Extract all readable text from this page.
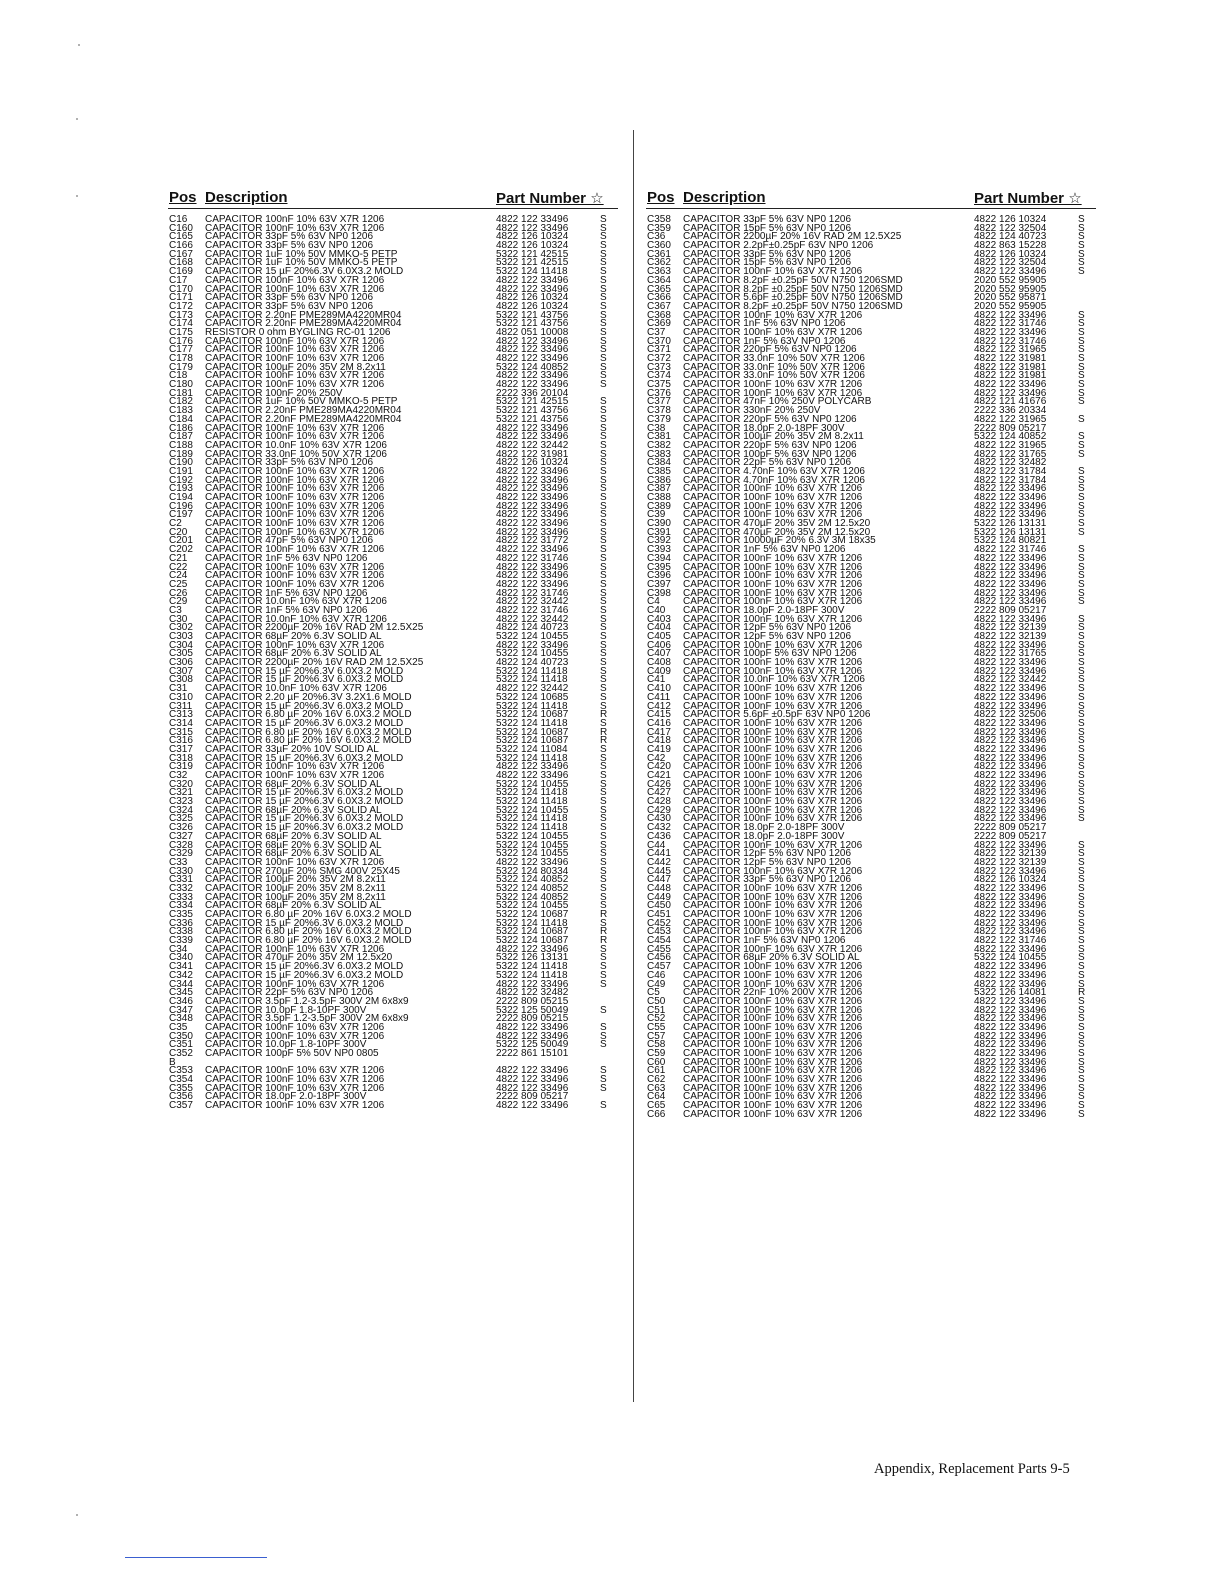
Pos Description	Part Number ☆
C16 CAPACITOR 100nF 10% 63V X7R 1206	4822 122 33496	S
C160 CAPACITOR 100nF 10% 63V X7R 1206	4822 122 33496	S
C165 CAPACITOR 33pF 5% 63V NP0 1206	4822 126 10324	S
C166 CAPACITOR 33pF 5% 63V NP0 1206	4822 126 10324	S
C167 CAPACITOR 1uF 10% 50V MMKO-5 PETP	5322 121 42515	S
C168 CAPACITOR 1uF 10% 50V MMKO-5 PETP	5322 121 42515	S
C169 CAPACITOR 15 µF 20%6.3V 6.0X3.2 MOLD	5322 124 11418	S
C17 CAPACITOR 100nF 10% 63V X7R 1206	4822 122 33496	S
C170 CAPACITOR 100nF 10% 63V X7R 1206	4822 122 33496	S
C171 CAPACITOR 33pF 5% 63V NP0 1206	4822 126 10324	S
C172 CAPACITOR 33pF 5% 63V NP0 1206	4822 126 10324	S
C173 CAPACITOR 2.20nF PME289MA4220MR04	5322 121 43756	S
C174 CAPACITOR 2.20nF PME289MA4220MR04	5322 121 43756	S
C175 RESISTOR 0 ohm BYGLING RC-01 1206	4822 051 10008	S
C176 CAPACITOR 100nF 10% 63V X7R 1206	4822 122 33496	S
C177 CAPACITOR 100nF 10% 63V X7R 1206	4822 122 33496	S
C178 CAPACITOR 100nF 10% 63V X7R 1206	4822 122 33496	S
C179 CAPACITOR 100µF 20% 35V 2M 8.2x11	5322 124 40852	S
C18 CAPACITOR 100nF 10% 63V X7R 1206	4822 122 33496	S
C180 CAPACITOR 100nF 10% 63V X7R 1206	4822 122 33496	S
C181 CAPACITOR 100nF 20% 250V	2222 336 20104
C182 CAPACITOR 1uF 10% 50V MMKO-5 PETP	5322 121 42515	S
C183 CAPACITOR 2.20nF PME289MA4220MR04	5322 121 43756	S
C184 CAPACITOR 2.20nF PME289MA4220MR04	5322 121 43756	S
C186 CAPACITOR 100nF 10% 63V X7R 1206	4822 122 33496	S
C187 CAPACITOR 100nF 10% 63V X7R 1206	4822 122 33496	S
C188 CAPACITOR 10.0nF 10% 63V X7R 1206	4822 122 32442	S
C189 CAPACITOR 33.0nF 10% 50V X7R 1206	4822 122 31981	S
C190 CAPACITOR 33pF 5% 63V NP0 1206	4822 126 10324	S
C191 CAPACITOR 100nF 10% 63V X7R 1206	4822 122 33496	S
C192 CAPACITOR 100nF 10% 63V X7R 1206	4822 122 33496	S
C193 CAPACITOR 100nF 10% 63V X7R 1206	4822 122 33496	S
C194 CAPACITOR 100nF 10% 63V X7R 1206	4822 122 33496	S
C196 CAPACITOR 100nF 10% 63V X7R 1206	4822 122 33496	S
C197 CAPACITOR 100nF 10% 63V X7R 1206	4822 122 33496	S
C2 CAPACITOR 100nF 10% 63V X7R 1206	4822 122 33496	S
C20 CAPACITOR 100nF 10% 63V X7R 1206	4822 122 33496	S
C201 CAPACITOR 47pF 5% 63V NP0 1206	4822 122 31772	S
C202 CAPACITOR 100nF 10% 63V X7R 1206	4822 122 33496	S
C21 CAPACITOR 1nF 5% 63V NP0 1206	4822 122 31746	S
C22 CAPACITOR 100nF 10% 63V X7R 1206	4822 122 33496	S
C24 CAPACITOR 100nF 10% 63V X7R 1206	4822 122 33496	S
C25 CAPACITOR 100nF 10% 63V X7R 1206	4822 122 33496	S
C26 CAPACITOR 1nF 5% 63V NP0 1206	4822 122 31746	S
C29 CAPACITOR 10.0nF 10% 63V X7R 1206	4822 122 32442	S
C3 CAPACITOR 1nF 5% 63V NP0 1206	4822 122 31746	S
C30 CAPACITOR 10.0nF 10% 63V X7R 1206	4822 122 32442	S
C302 CAPACITOR 2200µF 20% 16V RAD 2M 12.5X25	4822 124 40723	S
C303 CAPACITOR 68µF 20% 6.3V SOLID AL	5322 124 10455	S
C304 CAPACITOR 100nF 10% 63V X7R 1206	4822 122 33496	S
C305 CAPACITOR 68µF 20% 6.3V SOLID AL	5322 124 10455	S
C306 CAPACITOR 2200µF 20% 16V RAD 2M 12.5X25	4822 124 40723	S
C307 CAPACITOR 15 µF 20%6.3V 6.0X3.2 MOLD	5322 124 11418	S
C308 CAPACITOR 15 µF 20%6.3V 6.0X3.2 MOLD	5322 124 11418	S
C31 CAPACITOR 10.0nF 10% 63V X7R 1206	4822 122 32442	S
C310 CAPACITOR 2.20 µF 20%6.3V 3.2X1.6 MOLD	5322 124 10685	S
C311 CAPACITOR 15 µF 20%6.3V 6.0X3.2 MOLD	5322 124 11418	S
C313 CAPACITOR 6.80 µF 20% 16V 6.0X3.2 MOLD	5322 124 10687	R
C314 CAPACITOR 15 µF 20%6.3V 6.0X3.2 MOLD	5322 124 11418	S
C315 CAPACITOR 6.80 µF 20% 16V 6.0X3.2 MOLD	5322 124 10687	R
C316 CAPACITOR 6.80 µF 20% 16V 6.0X3.2 MOLD	5322 124 10687	R
C317 CAPACITOR 33µF 20% 10V SOLID AL	5322 124 11084	S
C318 CAPACITOR 15 µF 20%6.3V 6.0X3.2 MOLD	5322 124 11418	S
C319 CAPACITOR 100nF 10% 63V X7R 1206	4822 122 33496	S
C32 CAPACITOR 100nF 10% 63V X7R 1206	4822 122 33496	S
C320 CAPACITOR 68µF 20% 6.3V SOLID AL	5322 124 10455	S
C321 CAPACITOR 15 µF 20%6.3V 6.0X3.2 MOLD	5322 124 11418	S
C323 CAPACITOR 15 µF 20%6.3V 6.0X3.2 MOLD	5322 124 11418	S
C324 CAPACITOR 68µF 20% 6.3V SOLID AL	5322 124 10455	S
C325 CAPACITOR 15 µF 20%6.3V 6.0X3.2 MOLD	5322 124 11418	S
C326 CAPACITOR 15 µF 20%6.3V 6.0X3.2 MOLD	5322 124 11418	S
C327 CAPACITOR 68µF 20% 6.3V SOLID AL	5322 124 10455	S
C328 CAPACITOR 68µF 20% 6.3V SOLID AL	5322 124 10455	S
C329 CAPACITOR 68µF 20% 6.3V SOLID AL	5322 124 10455	S
C33 CAPACITOR 100nF 10% 63V X7R 1206	4822 122 33496	S
C330 CAPACITOR 270µF 20% SMG 400V 25X45	5322 124 80334	S
C331 CAPACITOR 100µF 20% 35V 2M 8.2x11	5322 124 40852	S
C332 CAPACITOR 100µF 20% 35V 2M 8.2x11	5322 124 40852	S
C333 CAPACITOR 100µF 20% 35V 2M 8.2x11	5322 124 40852	S
C334 CAPACITOR 68µF 20% 6.3V SOLID AL	5322 124 10455	S
C335 CAPACITOR 6.80 µF 20% 16V 6.0X3.2 MOLD	5322 124 10687	R
C336 CAPACITOR 15 µF 20%6.3V 6.0X3.2 MOLD	5322 124 11418	S
C338 CAPACITOR 6.80 µF 20% 16V 6.0X3.2 MOLD	5322 124 10687	R
C339 CAPACITOR 6.80 µF 20% 16V 6.0X3.2 MOLD	5322 124 10687	R
C34 CAPACITOR 100nF 10% 63V X7R 1206	4822 122 33496	S
C340 CAPACITOR 470µF 20% 35V 2M 12.5x20	5322 126 13131	S
C341 CAPACITOR 15 µF 20%6.3V 6.0X3.2 MOLD	5322 124 11418	S
C342 CAPACITOR 15 µF 20%6.3V 6.0X3.2 MOLD	5322 124 11418	S
C344 CAPACITOR 100nF 10% 63V X7R 1206	4822 122 33496	S
C345 CAPACITOR 22pF 5% 63V NP0 1206	4822 122 32482
C346 CAPACITOR 3.5pF 1.2-3.5pF 300V 2M 6x8x9	2222 809 05215
C347 CAPACITOR 10.0pF 1.8-10PF 300V	5322 125 50049	S
C348 CAPACITOR 3.5pF 1.2-3.5pF 300V 2M 6x8x9	2222 809 05215
C35 CAPACITOR 100nF 10% 63V X7R 1206	4822 122 33496	S
C350 CAPACITOR 100nF 10% 63V X7R 1206	4822 122 33496	S
C351 CAPACITOR 10.0pF 1.8-10PF 300V	5322 125 50049	S
C352 CAPACITOR 100pF 5% 50V NP0 0805	2222 861 15101
B
C353 CAPACITOR 100nF 10% 63V X7R 1206	4822 122 33496	S
C354 CAPACITOR 100nF 10% 63V X7R 1206	4822 122 33496	S
C355 CAPACITOR 100nF 10% 63V X7R 1206	4822 122 33496	S
C356 CAPACITOR 18.0pF 2.0-18PF 300V	2222 809 05217
C357 CAPACITOR 100nF 10% 63V X7R 1206	4822 122 33496	S
Pos Description	Part Number ☆
C358 CAPACITOR 33pF 5% 63V NP0 1206	4822 126 10324	S
C359 CAPACITOR 15pF 5% 63V NP0 1206	4822 122 32504	S
C36 CAPACITOR 2200µF 20% 16V RAD 2M 12.5X25	4822 124 40723	S
C360 CAPACITOR 2.2pF±0.25pF 63V NP0 1206	4822 863 15228	S
C361 CAPACITOR 33pF 5% 63V NP0 1206	4822 126 10324	S
C362 CAPACITOR 15pF 5% 63V NP0 1206	4822 122 32504	S
C363 CAPACITOR 100nF 10% 63V X7R 1206	4822 122 33496	S
C364 CAPACITOR 8.2pF ±0.25pF 50V N750 1206SMD	2020 552 95905
C365 CAPACITOR 8.2pF ±0.25pF 50V N750 1206SMD	2020 552 95905
C366 CAPACITOR 5.6pF ±0.25pF 50V N750 1206SMD	2020 552 95871
C367 CAPACITOR 8.2pF ±0.25pF 50V N750 1206SMD	2020 552 95905
C368 CAPACITOR 100nF 10% 63V X7R 1206	4822 122 33496	S
C369 CAPACITOR 1nF 5% 63V NP0 1206	4822 122 31746	S
C37 CAPACITOR 100nF 10% 63V X7R 1206	4822 122 33496	S
C370 CAPACITOR 1nF 5% 63V NP0 1206	4822 122 31746	S
C371 CAPACITOR 220pF 5% 63V NP0 1206	4822 122 31965	S
C372 CAPACITOR 33.0nF 10% 50V X7R 1206	4822 122 31981	S
C373 CAPACITOR 33.0nF 10% 50V X7R 1206	4822 122 31981	S
C374 CAPACITOR 33.0nF 10% 50V X7R 1206	4822 122 31981	S
C375 CAPACITOR 100nF 10% 63V X7R 1206	4822 122 33496	S
C376 CAPACITOR 100nF 10% 63V X7R 1206	4822 122 33496	S
C377 CAPACITOR 47nF 10% 250V POLYCARB	4822 121 41676	S
C378 CAPACITOR 330nF 20% 250V	2222 336 20334
C379 CAPACITOR 220pF 5% 63V NP0 1206	4822 122 31965	S
C38 CAPACITOR 18.0pF 2.0-18PF 300V	2222 809 05217
C381 CAPACITOR 100µF 20% 35V 2M 8.2x11	5322 124 40852	S
C382 CAPACITOR 220pF 5% 63V NP0 1206	4822 122 31965	S
C383 CAPACITOR 100pF 5% 63V NP0 1206	4822 122 31765	S
C384 CAPACITOR 22pF 5% 63V NP0 1206	4822 122 32482
C385 CAPACITOR 4.70nF 10% 63V X7R 1206	4822 122 31784	S
C386 CAPACITOR 4.70nF 10% 63V X7R 1206	4822 122 31784	S
C387 CAPACITOR 100nF 10% 63V X7R 1206	4822 122 33496	S
C388 CAPACITOR 100nF 10% 63V X7R 1206	4822 122 33496	S
C389 CAPACITOR 100nF 10% 63V X7R 1206	4822 122 33496	S
C39 CAPACITOR 100nF 10% 63V X7R 1206	4822 122 33496	S
C390 CAPACITOR 470µF 20% 35V 2M 12.5x20	5322 126 13131	S
C391 CAPACITOR 470µF 20% 35V 2M 12.5x20	5322 126 13131	S
C392 CAPACITOR 10000µF 20% 6.3V 3M 18x35	5322 124 80821
C393 CAPACITOR 1nF 5% 63V NP0 1206	4822 122 31746	S
C394 CAPACITOR 100nF 10% 63V X7R 1206	4822 122 33496	S
C395 CAPACITOR 100nF 10% 63V X7R 1206	4822 122 33496	S
C396 CAPACITOR 100nF 10% 63V X7R 1206	4822 122 33496	S
C397 CAPACITOR 100nF 10% 63V X7R 1206	4822 122 33496	S
C398 CAPACITOR 100nF 10% 63V X7R 1206	4822 122 33496	S
C4 CAPACITOR 100nF 10% 63V X7R 1206	4822 122 33496	S
C40 CAPACITOR 18.0pF 2.0-18PF 300V	2222 809 05217
C403 CAPACITOR 100nF 10% 63V X7R 1206	4822 122 33496	S
C404 CAPACITOR 12pF 5% 63V NP0 1206	4822 122 32139	S
C405 CAPACITOR 12pF 5% 63V NP0 1206	4822 122 32139	S
C406 CAPACITOR 100nF 10% 63V X7R 1206	4822 122 33496	S
C407 CAPACITOR 100pF 5% 63V NP0 1206	4822 122 31765	S
C408 CAPACITOR 100nF 10% 63V X7R 1206	4822 122 33496	S
C409 CAPACITOR 100nF 10% 63V X7R 1206	4822 122 33496	S
C41 CAPACITOR 10.0nF 10% 63V X7R 1206	4822 122 32442	S
C410 CAPACITOR 100nF 10% 63V X7R 1206	4822 122 33496	S
C411 CAPACITOR 100nF 10% 63V X7R 1206	4822 122 33496	S
C412 CAPACITOR 100nF 10% 63V X7R 1206	4822 122 33496	S
C415 CAPACITOR 5.6pF ±0.5pF 63V NP0 1206	4822 122 32506	S
C416 CAPACITOR 100nF 10% 63V X7R 1206	4822 122 33496	S
C417 CAPACITOR 100nF 10% 63V X7R 1206	4822 122 33496	S
C418 CAPACITOR 100nF 10% 63V X7R 1206	4822 122 33496	S
C419 CAPACITOR 100nF 10% 63V X7R 1206	4822 122 33496	S
C42 CAPACITOR 100nF 10% 63V X7R 1206	4822 122 33496	S
C420 CAPACITOR 100nF 10% 63V X7R 1206	4822 122 33496	S
C421 CAPACITOR 100nF 10% 63V X7R 1206	4822 122 33496	S
C426 CAPACITOR 100nF 10% 63V X7R 1206	4822 122 33496	S
C427 CAPACITOR 100nF 10% 63V X7R 1206	4822 122 33496	S
C428 CAPACITOR 100nF 10% 63V X7R 1206	4822 122 33496	S
C429 CAPACITOR 100nF 10% 63V X7R 1206	4822 122 33496	S
C430 CAPACITOR 100nF 10% 63V X7R 1206	4822 122 33496	S
C432 CAPACITOR 18.0pF 2.0-18PF 300V	2222 809 05217
C436 CAPACITOR 18.0pF 2.0-18PF 300V	2222 809 05217
C44 CAPACITOR 100nF 10% 63V X7R 1206	4822 122 33496	S
C441 CAPACITOR 12pF 5% 63V NP0 1206	4822 122 32139	S
C442 CAPACITOR 12pF 5% 63V NP0 1206	4822 122 32139	S
C445 CAPACITOR 100nF 10% 63V X7R 1206	4822 122 33496	S
C447 CAPACITOR 33pF 5% 63V NP0 1206	4822 126 10324	S
C448 CAPACITOR 100nF 10% 63V X7R 1206	4822 122 33496	S
C449 CAPACITOR 100nF 10% 63V X7R 1206	4822 122 33496	S
C450 CAPACITOR 100nF 10% 63V X7R 1206	4822 122 33496	S
C451 CAPACITOR 100nF 10% 63V X7R 1206	4822 122 33496	S
C452 CAPACITOR 100nF 10% 63V X7R 1206	4822 122 33496	S
C453 CAPACITOR 100nF 10% 63V X7R 1206	4822 122 33496	S
C454 CAPACITOR 1nF 5% 63V NP0 1206	4822 122 31746	S
C455 CAPACITOR 100nF 10% 63V X7R 1206	4822 122 33496	S
C456 CAPACITOR 68µF 20% 6.3V SOLID AL	5322 124 10455	S
C457 CAPACITOR 100nF 10% 63V X7R 1206	4822 122 33496	S
C46 CAPACITOR 100nF 10% 63V X7R 1206	4822 122 33496	S
C49 CAPACITOR 100nF 10% 63V X7R 1206	4822 122 33496	S
C5 CAPACITOR 22nF 10% 200V X7R 1206	5322 126 14081	R
C50 CAPACITOR 100nF 10% 63V X7R 1206	4822 122 33496	S
C51 CAPACITOR 100nF 10% 63V X7R 1206	4822 122 33496	S
C52 CAPACITOR 100nF 10% 63V X7R 1206	4822 122 33496	S
C55 CAPACITOR 100nF 10% 63V X7R 1206	4822 122 33496	S
C57 CAPACITOR 100nF 10% 63V X7R 1206	4822 122 33496	S
C58 CAPACITOR 100nF 10% 63V X7R 1206	4822 122 33496	S
C59 CAPACITOR 100nF 10% 63V X7R 1206	4822 122 33496	S
C60 CAPACITOR 100nF 10% 63V X7R 1206	4822 122 33496	S
C61 CAPACITOR 100nF 10% 63V X7R 1206	4822 122 33496	S
C62 CAPACITOR 100nF 10% 63V X7R 1206	4822 122 33496	S
C63 CAPACITOR 100nF 10% 63V X7R 1206	4822 122 33496	S
C64 CAPACITOR 100nF 10% 63V X7R 1206	4822 122 33496	S
C65 CAPACITOR 100nF 10% 63V X7R 1206	4822 122 33496	S
C66 CAPACITOR 100nF 10% 63V X7R 1206	4822 122 33496	S
Appendix, Replacement Parts 9-5
